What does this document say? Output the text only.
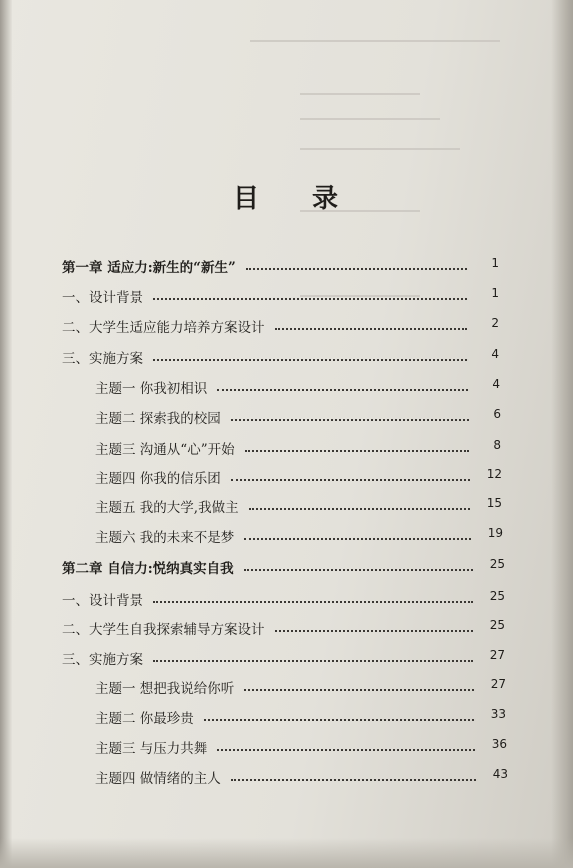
目 录
第一章 适应力:新生的“新生”	1
一、设计背景	1
二、大学生适应能力培养方案设计	2
三、实施方案	4
主题一 你我初相识	4
主题二 探索我的校园	6
主题三 沟通从“心”开始	8
主题四 你我的信乐团	12
主题五 我的大学,我做主	15
主题六 我的未来不是梦	19
第二章 自信力:悦纳真实自我	25
一、设计背景	25
二、大学生自我探索辅导方案设计	25
三、实施方案	27
主题一 想把我说给你听	27
主题二 你最珍贵	33
主题三 与压力共舞	36
主题四 做情绪的主人	43
